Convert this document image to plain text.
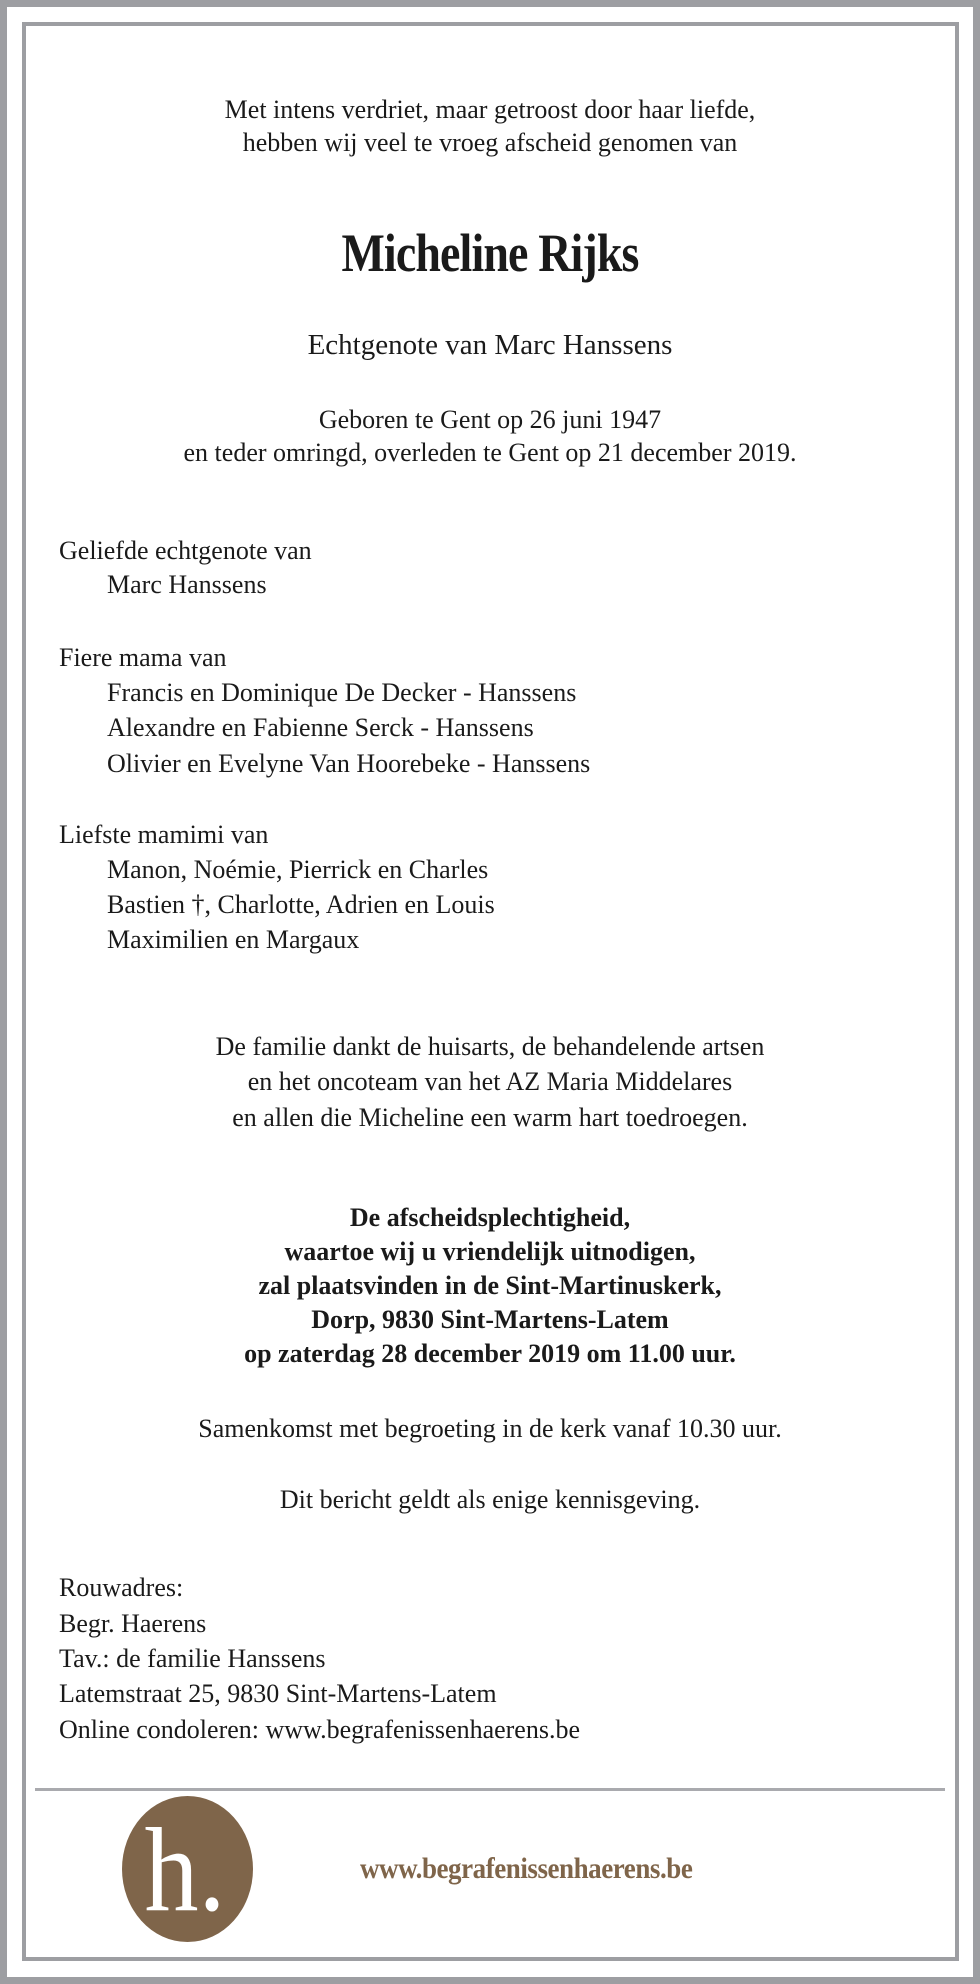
Met intens verdriet, maar getroost door haar liefde,
hebben wij veel te vroeg afscheid genomen van
Micheline Rijks
Echtgenote van Marc Hanssens
Geboren te Gent op 26 juni 1947
en teder omringd, overleden te Gent op 21 december 2019.
Geliefde echtgenote van
Marc Hanssens
Fiere mama van
Francis en Dominique De Decker - Hanssens
Alexandre en Fabienne Serck - Hanssens
Olivier en Evelyne Van Hoorebeke - Hanssens
Liefste mamimi van
Manon, Noémie, Pierrick en Charles
Bastien †, Charlotte, Adrien en Louis
Maximilien en Margaux
De familie dankt de huisarts, de behandelende artsen
en het oncoteam van het AZ Maria Middelares
en allen die Micheline een warm hart toedroegen.
De afscheidsplechtigheid,
waartoe wij u vriendelijk uitnodigen,
zal plaatsvinden in de Sint-Martinuskerk,
Dorp, 9830 Sint-Martens-Latem
op zaterdag 28 december 2019 om 11.00 uur.
Samenkomst met begroeting in de kerk vanaf 10.30 uur.
Dit bericht geldt als enige kennisgeving.
Rouwadres:
Begr. Haerens
Tav.: de familie Hanssens
Latemstraat 25, 9830 Sint-Martens-Latem
Online condoleren: www.begrafenissenhaerens.be
h.	www.begrafenissenhaerens.be
